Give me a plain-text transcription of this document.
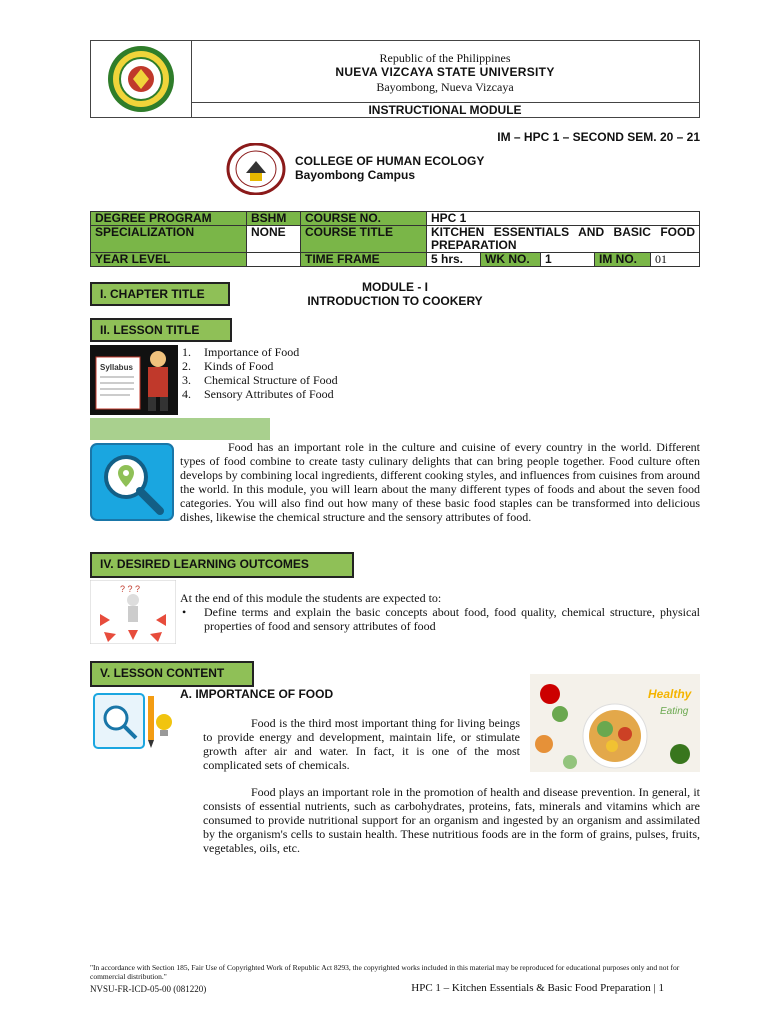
Republic of the Philippines
NUEVA VIZCAYA STATE UNIVERSITY
Bayombong, Nueva Vizcaya
INSTRUCTIONAL MODULE
IM – HPC 1 – SECOND SEM. 20 – 21
COLLEGE OF HUMAN ECOLOGY
Bayombong Campus
DEGREE PROGRAM	BSHM	COURSE NO.	HPC 1				
SPECIALIZATION	NONE	COURSE TITLE	KITCHEN ESSENTIALS AND BASIC FOOD PREPARATION				
YEAR LEVEL		TIME FRAME	5 hrs.	WK NO.	1	IM NO.	01
I. CHAPTER TITLE	MODULE - I
INTRODUCTION TO COOKERY
II. LESSON TITLE
Syllabus
1. Importance of Food
2. Kinds of Food
3. Chemical Structure of Food
4. Sensory Attributes of Food
Food has an important role in the culture and cuisine of every country in the world. Different types of food combine to create tasty culinary delights that can bring people together. Food culture often develops by combining local ingredients, different cooking styles, and influences from cuisines from around the world. In this module, you will learn about the many different types of foods and about the seven food categories. You will also find out how many of these basic food staples can be transformed into delicious dishes, likewise the chemical structure and the sensory attributes of food.
IV. DESIRED LEARNING OUTCOMES
? ? ?
At the end of this module the students are expected to:
• Define terms and explain the basic concepts about food, food quality, chemical structure, physical properties of food and sensory attributes of food
V. LESSON CONTENT
A. IMPORTANCE OF FOOD	Healthy
Eating
Food is the third most important thing for living beings to provide energy and development, maintain life, or stimulate growth after air and water. In fact, it is one of the most complicated sets of chemicals.
Food plays an important role in the promotion of health and disease prevention. In general, it consists of essential nutrients, such as carbohydrates, proteins, fats, minerals and vitamins which are consumed to provide nutritional support for an organism and ingested by an organism and assimilated by the organism's cells to sustain health. These nutritious foods are in the form of grains, pulses, fruits, vegetables, oils, etc.
"In accordance with Section 185, Fair Use of Copyrighted Work of Republic Act 8293, the copyrighted works included in this material may be reproduced for educational purposes only and not for commercial distribution."
NVSU-FR-ICD-05-00 (081220)	HPC 1 – Kitchen Essentials & Basic Food Preparation | 1
